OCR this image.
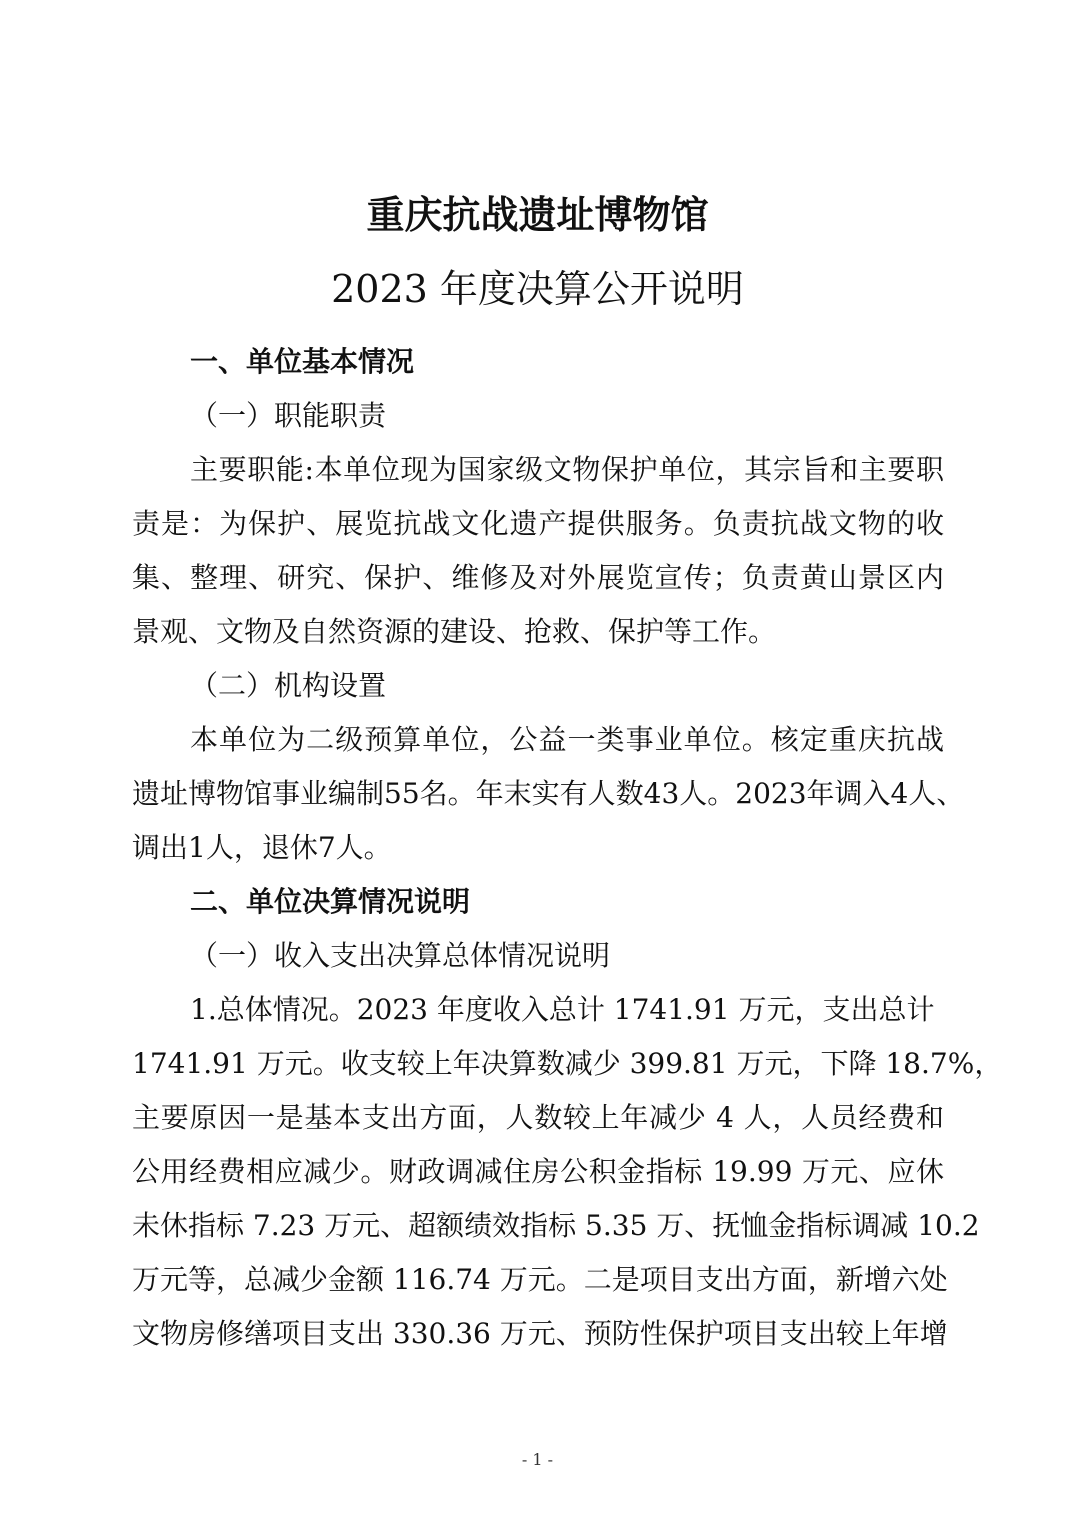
重庆抗战遗址博物馆
2023 年度决算公开说明
一、单位基本情况
（一）职能职责
主要职能:本单位现为国家级文物保护单位，其宗旨和主要职
责是：为保护、展览抗战文化遗产提供服务。负责抗战文物的收
集、整理、研究、保护、维修及对外展览宣传；负责黄山景区内
景观、文物及自然资源的建设、抢救、保护等工作。
（二）机构设置
本单位为二级预算单位，公益一类事业单位。核定重庆抗战
遗址博物馆事业编制55名。年末实有人数43人。2023年调入4人、
调出1人，退休7人。
二、单位决算情况说明
（一）收入支出决算总体情况说明
1.总体情况。2023 年度收入总计 1741.91 万元，支出总计
1741.91 万元。收支较上年决算数减少 399.81 万元，下降 18.7%，
主要原因一是基本支出方面，人数较上年减少 4 人，人员经费和
公用经费相应减少。财政调减住房公积金指标 19.99 万元、应休
未休指标 7.23 万元、超额绩效指标 5.35 万、抚恤金指标调减 10.2
万元等，总减少金额 116.74 万元。二是项目支出方面，新增六处
文物房修缮项目支出 330.36 万元、预防性保护项目支出较上年增
- 1 -
